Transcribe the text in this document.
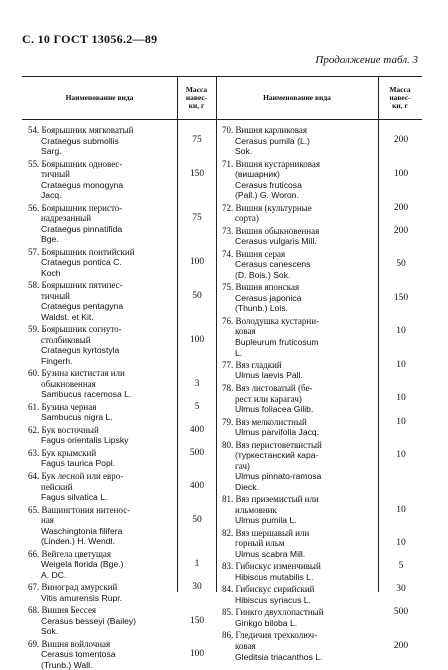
С. 10 ГОСТ 13056.2—89
Продолжение табл. 3
Наименование вида
Масса
навес-
ки, г
Наименование вида
Масса
навес-
ки, г
54. Боярышник мягковатый
Crataegus submollis
Sarg.
55. Боярышник одновес-
тичный
Crataegus monogyna
Jacq.
56. Боярышник перисто-
надрезанный
Crataegus pinnatifida
Bge.
57. Боярышник понтийский
Crataegus pontica C.
Koch
58. Боярышник пятипес-
тичный
Crataegus pentagyna
Waldst. et Kit.
59. Боярышник согнуто-
столбиковый
Crataegus kyrtostyla
Fingerh.
60. Бузина кистистая или
обыкновенная
Sambucus racemosa L.
61. Бузина черная
Sambucus nigra L.
62. Бук восточный
Fagus orientalis Lipsky
63. Бук крымский
Fagus taurica Popl.
64. Бук лесной или евро-
пейский
Fagus silvatica L.
65. Вашингтония нитенос-
ная
Waschingtonia filifera
(Linden.) H. Wendl.
66. Вейгела цветущая
Weigela florida (Bge.)
A. DC.
67. Виноград амурский
Vitis amurensis Rupr.
68. Вишня Бессея
Cerasus besseyi (Bailey)
Sok.
69. Вишня войлочная
Cerasus tomentosa
(Trunb.) Wall.
75
150
75
100
50
100
3
5
400
500
400
50
1
30
150
100
70. Вишня карликовая
Cerasus pumila (L.)
Sok.
71. Вишня кустарниковая
(вишарник)
Cerasus fruticosa
(Pall.) G. Woron.
72. Вишня (культурные
сорта)
73. Вишня обыкновенная
Cerasus vulgaris Mill.
74. Вишня серая
Cerasus canescens
(D. Bois.) Sok.
75. Вишня японская
Cerasus japonica
(Thunb.) Lois.
76. Володушка кустарни-
ковая
Bupleurum fruticosum
L.
77. Вяз гладкий
Ulmus laevis Pall.
78. Вяз листоватый (бе-
рест или карагач)
Ulmus foliacea Gilib.
79. Вяз мелколистный
Ulmus parvifolia Jacq.
80. Вяз перистоветвистый
(туркестанский кара-
гач)
Ulmus pinnato-ramosa
Dieck.
81. Вяз приземистый или
ильмовник
Ulmus pumila L.
82. Вяз шершавый или
горный ильм
Ulmus scabra Mill.
83. Гибискус изменчивый
Hibiscus mutabilis L.
84. Гибискус сирийский
Hibiscus syriacus L.
85. Гинкго двухлопастный
Ginkgo biloba L.
86. Гледичия трехколюч-
ковая
Gleditsia triacanthos L.
200
100
200
200
50
150
10
10
10
10
10
10
10
5
30
500
200
